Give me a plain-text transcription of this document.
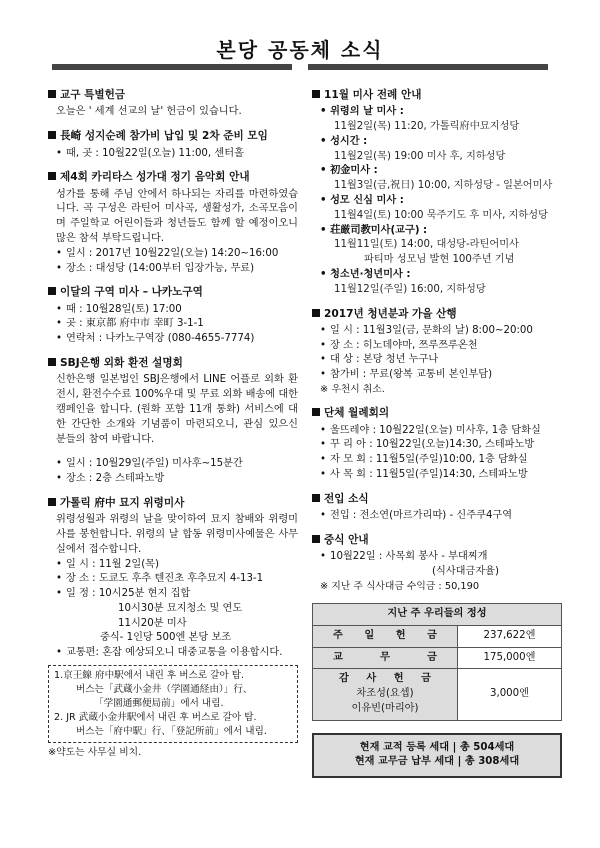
본당 공동체 소식
교구 특별헌금
오늘은 ' 세계 선교의 날' 헌금이 있습니다.
長崎 성지순례 참가비 납입 및 2차 준비 모임
• 때, 곳 : 10월22일(오늘) 11:00, 센터홀
제4회 카리타스 성가대 정기 음악회 안내
성가를 통해 주님 안에서 하나되는 자리를 마련하였습니다. 곡 구성은 라틴어 미사곡, 생활성가, 소곡모음이며 주일학교 어린이들과 청년들도 함께 할 예정이오니 많은 참석 부탁드립니다.
• 일시 : 2017년 10월22일(오늘) 14:20~16:00
• 장소 : 대성당 (14:00부터 입장가능, 무료)
이달의 구역 미사 – 나카노구역
• 때 : 10월28일(토) 17:00
• 곳 : 東京都 府中市 幸町 3-1-1
• 연락처 : 나카노구역장 (080-4655-7774)
SBJ은행 외화 환전 설명회
신한은행 일본법인 SBJ은행에서 LINE 어플로 외화 환전시, 환전수수료 100%우대 및 무료 외화 배송에 대한 캠페인을 합니다. (원화 포함 11개 통화) 서비스에 대한 간단한 소개와 기념품이 마련되오니, 관심 있으신 분들의 참여 바랍니다.
• 일시 : 10월29일(주일) 미사후~15분간
• 장소 : 2층 스테파노방
가톨릭 府中 묘지 위령미사
위령성월과 위령의 날을 맞이하여 묘지 참배와 위령미사를 봉헌합니다. 위령의 날 합동 위령미사예물은 사무실에서 접수합니다.
• 일 시 : 11월 2일(목)
• 장 소 : 도쿄도 후추 텐진초 후추묘지 4-13-1
• 일 정 : 10시25분 현지 집합
10시30분 묘지청소 및 연도
11시20분 미사
중식- 1인당 500엔 본당 보조
• 교통편: 혼잡 예상되오니 대중교통을 이용합시다.
1.京王線 府中駅에서 내린 후 버스로 갈아 탐.
버스는「武蔵小金井（学園通経由）」行、
「学園通郵便局前」에서 내림.
2. JR 武蔵小金井駅에서 내린 후 버스로 갈아 탐.
버스는「府中駅」行、「登記所前」에서 내림.
※약도는 사무실 비치.
11월 미사 전례 안내
• 위령의 날 미사 :
11월2일(목) 11:20, 가톨릭府中묘지성당
• 성시간 :
11월2일(목) 19:00 미사 후, 지하성당
• 初金미사 :
11월3일(금,祝日) 10:00, 지하성당 - 일본어미사
• 성모 신심 미사 :
11월4일(토) 10:00 묵주기도 후 미사, 지하성당
• 荘厳司教미사(교구) :
11월11일(토) 14:00, 대성당-라틴어미사
파티마 성모님 발현 100주년 기념
• 청소년·청년미사 :
11월12일(주일) 16:00, 지하성당
2017년 청년분과 가을 산행
• 일 시 : 11월3일(금, 문화의 날) 8:00~20:00
• 장 소 : 히노데야마, 쯔루쯔루온천
• 대 상 : 본당 청년 누구나
• 참가비 : 무료(왕복 교통비 본인부담)
※ 우천시 취소.
단체 월례회의
• 울뜨레야 : 10월22일(오늘) 미사후, 1층 담화실
• 꾸 리 아 : 10월22일(오늘)14:30, 스테파노방
• 자 모 회 : 11월5일(주일)10:00, 1층 담화실
• 사 목 회 : 11월5일(주일)14:30, 스테파노방
전입 소식
• 전입 : 전소연(마르가리따) - 신주쿠4구역
중식 안내
• 10월22일 : 사목회 봉사 - 부대찌개
(식사대금자율)
※ 지난 주 식사대금 수익금 : 50,190
지난 주 우리들의 정성	
주 일 헌 금	237,622엔
교 무 금	175,000엔

감 사 헌 금
차조성(요셉)
이유빈(마리아)	3,000엔
현재 교적 등록 세대 | 총 504세대
현재 교무금 납부 세대 | 총 308세대
